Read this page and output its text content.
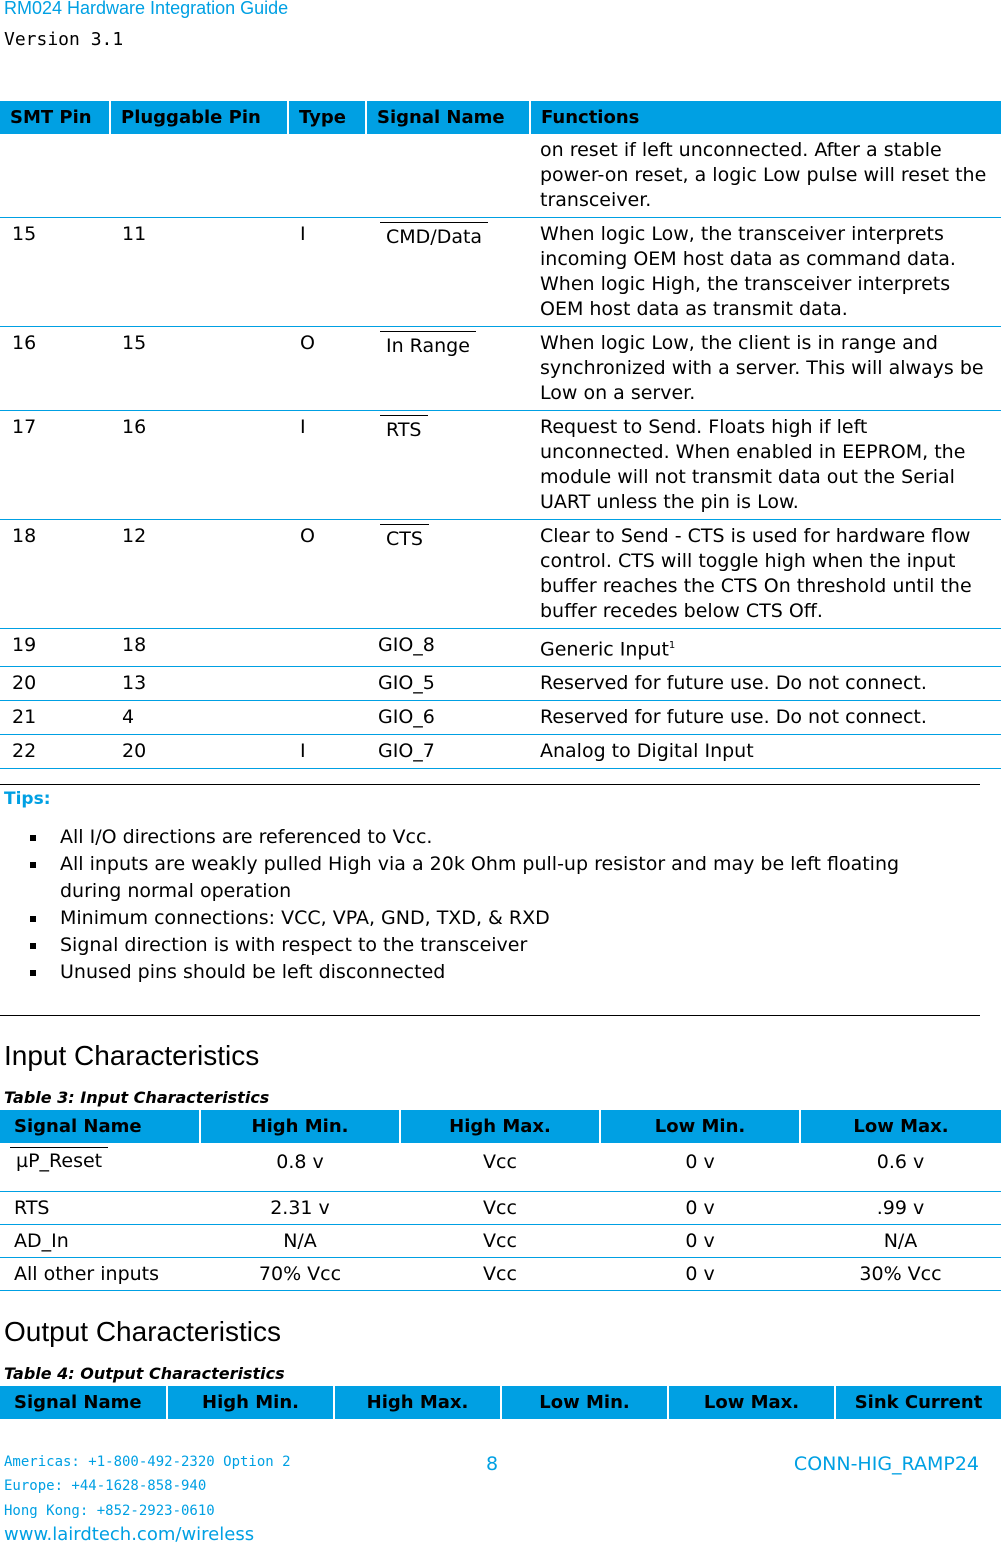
RM024 Hardware Integration Guide
Version 3.1
SMT Pin	Pluggable Pin	Type	Signal Name	Functions
				on reset if left unconnected. After a stable power-on reset, a logic Low pulse will reset the transceiver.
15	11	I	CMD/Data	When logic Low, the transceiver interprets incoming OEM host data as command data. When logic High, the transceiver interprets OEM host data as transmit data.
16	15	O	In Range	When logic Low, the client is in range and synchronized with a server. This will always be Low on a server.
17	16	I	RTS	Request to Send. Floats high if left unconnected. When enabled in EEPROM, the module will not transmit data out the Serial UART unless the pin is Low.
18	12	O	CTS	Clear to Send - CTS is used for hardware flow control. CTS will toggle high when the input buffer reaches the CTS On threshold until the buffer recedes below CTS Off.
19	18		GIO_8	Generic Input$^1$
20	13		GIO_5	Reserved for future use. Do not connect.
21	4		GIO_6	Reserved for future use. Do not connect.
22	20	I	GIO_7	Analog to Digital Input
Tips:
All I/O directions are referenced to Vcc.
All inputs are weakly pulled High via a 20k Ohm pull-up resistor and may be left floating during normal operation
Minimum connections: VCC, VPA, GND, TXD, & RXD
Signal direction is with respect to the transceiver
Unused pins should be left disconnected
Input Characteristics
Table 3: Input Characteristics
Signal Name	High Min.	High Max.	Low Min.	Low Max.
µP_Reset	0.8 v	Vcc	0 v	0.6 v
RTS	2.31 v	Vcc	0 v	.99 v
AD_In	N/A	Vcc	0 v	N/A
All other inputs	70% Vcc	Vcc	0 v	30% Vcc
Output Characteristics
Table 4: Output Characteristics
Signal Name	High Min.	High Max.	Low Min.	Low Max.	Sink Current
Americas: +1-800-492-2320 Option 2
Europe: +44-1628-858-940
Hong Kong: +852-2923-0610
www.lairdtech.com/wireless
8	CONN-HIG_RAMP24
